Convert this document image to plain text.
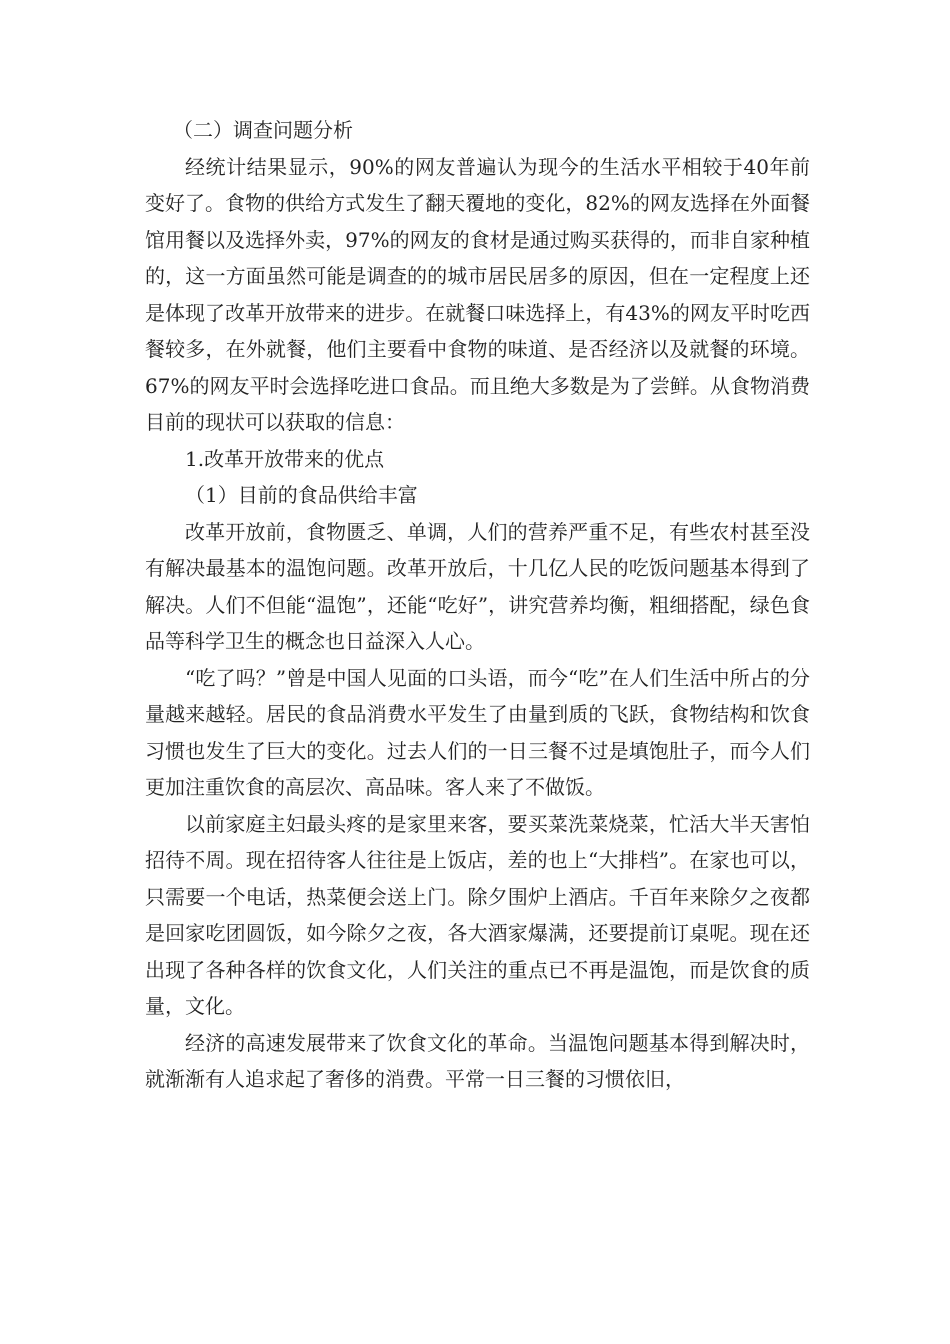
（二）调查问题分析

经统计结果显示，90%的网友普遍认为现今的生活水平相较于40年前变好了。食物的供给方式发生了翻天覆地的变化，82%的网友选择在外面餐馆用餐以及选择外卖，97%的网友的食材是通过购买获得的，而非自家种植的，这一方面虽然可能是调查的的城市居民居多的原因，但在一定程度上还是体现了改革开放带来的进步。在就餐口味选择上，有43%的网友平时吃西餐较多，在外就餐，他们主要看中食物的味道、是否经济以及就餐的环境。67%的网友平时会选择吃进口食品。而且绝大多数是为了尝鲜。从食物消费目前的现状可以获取的信息：

1.改革开放带来的优点
（1）目前的食品供给丰富

改革开放前，食物匮乏、单调，人们的营养严重不足，有些农村甚至没有解决最基本的温饱问题。改革开放后，十几亿人民的吃饭问题基本得到了解决。人们不但能“温饱”，还能“吃好”，讲究营养均衡，粗细搭配，绿色食品等科学卫生的概念也日益深入人心。

“吃了吗？”曾是中国人见面的口头语，而今“吃”在人们生活中所占的分量越来越轻。居民的食品消费水平发生了由量到质的飞跃，食物结构和饮食习惯也发生了巨大的变化。过去人们的一日三餐不过是填饱肚子，而今人们更加注重饮食的高层次、高品味。客人来了不做饭。

以前家庭主妇最头疼的是家里来客，要买菜洗菜烧菜，忙活大半天害怕招待不周。现在招待客人往往是上饭店，差的也上“大排档”。在家也可以，只需要一个电话，热菜便会送上门。除夕围炉上酒店。千百年来除夕之夜都是回家吃团圆饭，如今除夕之夜，各大酒家爆满，还要提前订桌呢。现在还出现了各种各样的饮食文化，人们关注的重点已不再是温饱，而是饮食的质量，文化。

经济的高速发展带来了饮食文化的革命。当温饱问题基本得到解决时，就渐渐有人追求起了奢侈的消费。平常一日三餐的习惯依旧，
